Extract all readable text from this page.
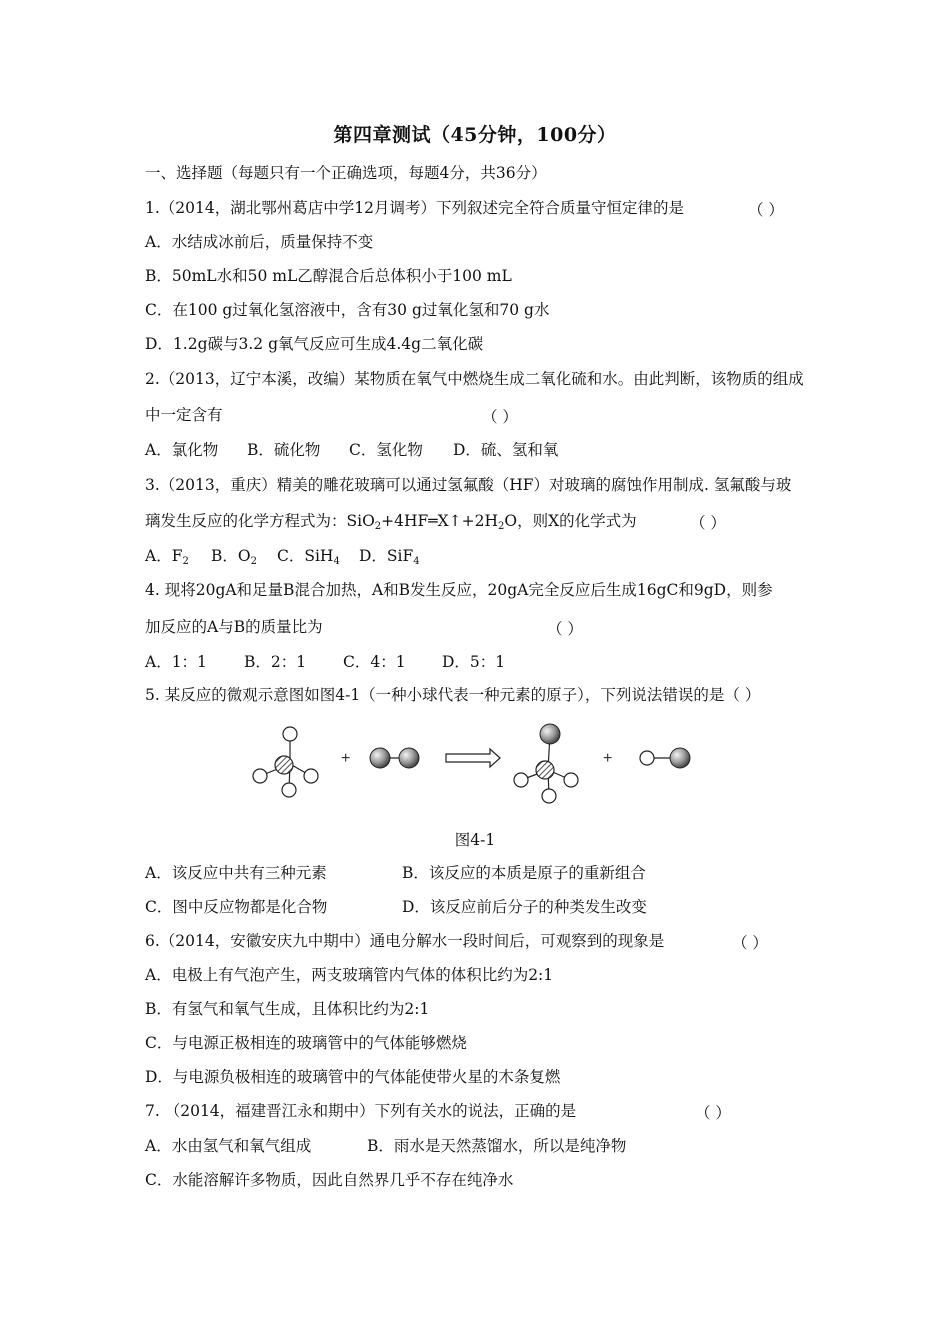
第四章测试（45分钟，100分）
一、选择题（每题只有一个正确选项，每题4分，共36分）
1.（2014，湖北鄂州葛店中学12月调考）下列叙述完全符合质量守恒定律的是	（ ）
A．水结成冰前后，质量保持不变
B．50mL水和50 mL乙醇混合后总体积小于100 mL
C．在100 g过氧化氢溶液中，含有30 g过氧化氢和70 g水
D．1.2g碳与3.2 g氧气反应可生成4.4g二氧化碳
2.（2013，辽宁本溪，改编）某物质在氧气中燃烧生成二氧化硫和水。由此判断，该物质的组成
中一定含有	（ ）
A．氯化物 B．硫化物 C．氢化物 D．硫、氢和氧
3.（2013，重庆）精美的雕花玻璃可以通过氢氟酸（HF）对玻璃的腐蚀作用制成. 氢氟酸与玻
璃发生反应的化学方程式为：$SiO_2+4HF═X↑+2H_2O$，则X的化学式为	（ ）
A．$F_2$ B．$O_2$ C．SiH$_4$ D．SiF$_4$
4. 现将20gA和足量B混合加热，A和B发生反应，20gA完全反应后生成16gC和9gD，则参
加反应的A与B的质量比为	（ ）
A．1：1 B．2：1 C．4：1 D．5：1
5. 某反应的微观示意图如图4-1（一种小球代表一种元素的原子），下列说法错误的是（ ）
+	+
图4-1
A．该反应中共有三种元素	B．该反应的本质是原子的重新组合
C．图中反应物都是化合物	D．该反应前后分子的种类发生改变
6.（2014，安徽安庆九中期中）通电分解水一段时间后，可观察到的现象是	（ ）
A．电极上有气泡产生，两支玻璃管内气体的体积比约为2:1
B．有氢气和氧气生成，且体积比约为2:1
C．与电源正极相连的玻璃管中的气体能够燃烧
D．与电源负极相连的玻璃管中的气体能使带火星的木条复燃
7. （2014，福建晋江永和期中）下列有关水的说法，正确的是	（ ）
A．水由氢气和氧气组成	B．雨水是天然蒸馏水，所以是纯净物
C．水能溶解许多物质，因此自然界几乎不存在纯净水
